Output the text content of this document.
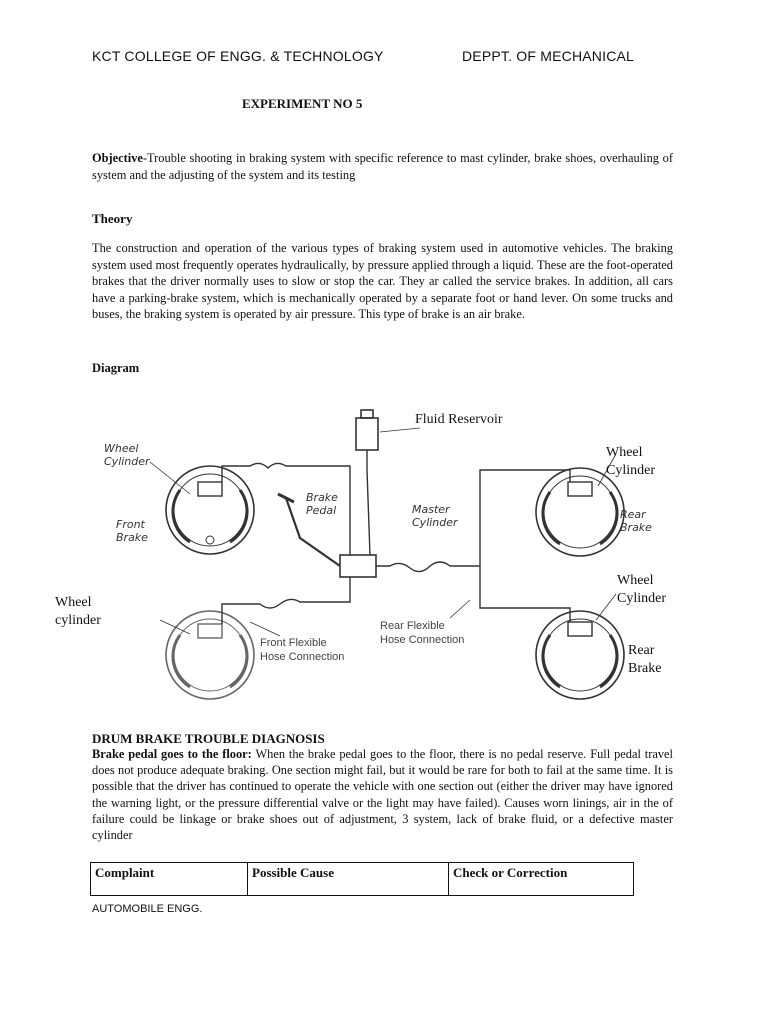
KCT COLLEGE OF ENGG. & TECHNOLOGY	DEPPT. OF MECHANICAL
EXPERIMENT NO 5
Objective-Trouble shooting in braking system with specific reference to mast cylinder, brake shoes, overhauling of system and the adjusting of the system and its testing
Theory
The construction and operation of the various types of braking system used in automotive vehicles. The braking system used most frequently operates hydraulically, by pressure applied through a liquid. These are the foot-operated brakes that the driver normally uses to slow or stop the car. They ar called the service brakes. In addition, all cars have a parking-brake system, which is mechanically operated by a separate foot or hand lever. On some trucks and buses, the braking system is operated by air pressure. This type of brake is an air brake.
Diagram
Fluid Reservoir
Wheel
Cylinder
Front
Brake
Brake
Pedal	Master
Cylinder
Wheel
Cylinder
Rear
Brake
Wheel
Cylinder
Wheel
cylinder
Front Flexible
Hose Connection
Rear Flexible
Hose Connection
Rear
Brake
DRUM BRAKE TROUBLE DIAGNOSIS
Brake pedal goes to the floor: When the brake pedal goes to the floor, there is no pedal reserve. Full pedal travel does not produce adequate braking. One section might fail, but it would be rare for both to fail at the same time. It is possible that the driver has continued to operate the vehicle with one section out (either the driver may have ignored the warning light, or the pressure differential valve or the light may have failed). Causes worn linings, air in the of failure could be linkage or brake shoes out of adjustment, 3 system, lack of brake fluid, or a defective master cylinder
Complaint	Possible Cause	Check or Correction
AUTOMOBILE ENGG.
